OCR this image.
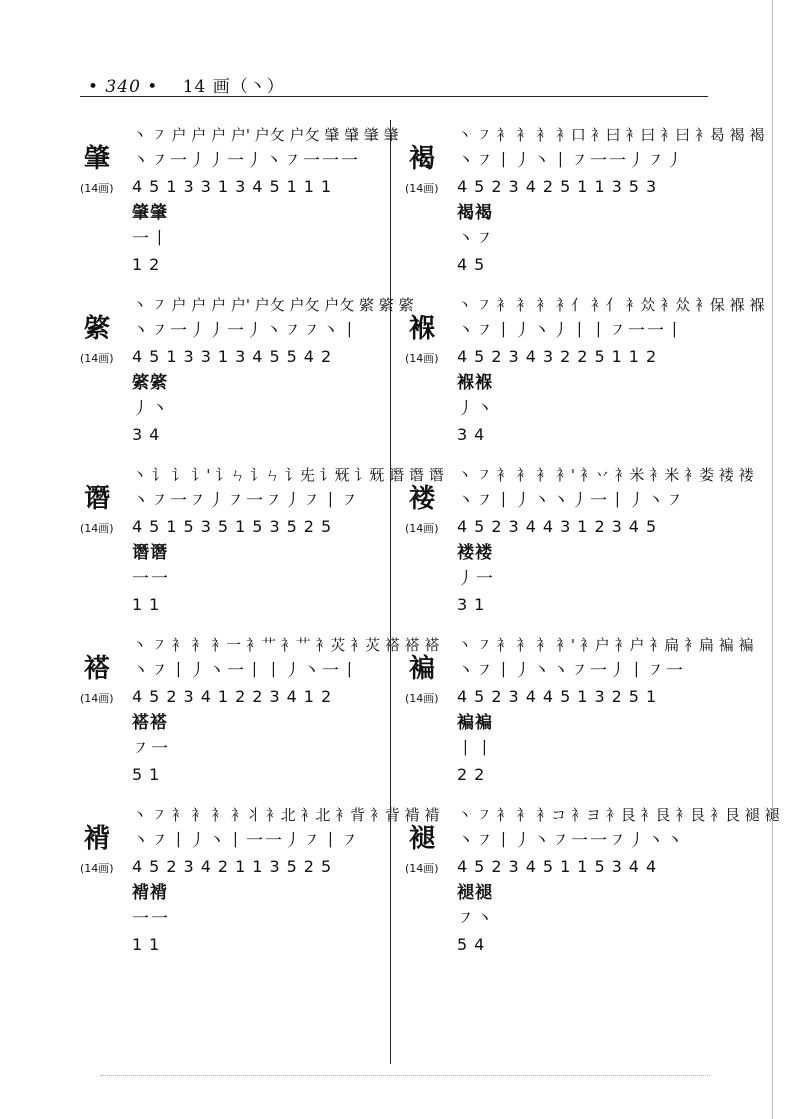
• 340 • 14 画（丶）
肇
(14画)
丶 ㇇ 户 户 户 户' 户攵 户攵 肈 肈 肇 肇
丶㇇一丿丿一丿丶㇇一一一
451331345111
肇肇
一丨
12
綮
(14画)
丶 ㇇ 户 户 户 户' 户攵 户攵 户攵 綮 綮 綮
丶㇇一丿丿一丿丶㇇㇇丶丨
451331345542
綮綮
丿丶
34
谮
(14画)
丶 讠 讠 讠' 讠ㄣ 讠ㄣ 讠兂 讠兓 讠兓 谮 谮 谮
丶㇇一㇇丿㇇一㇇丿㇇丨㇇
451535153525
谮谮
一一
11
褡
(14画)
丶 ㇇ 衤 衤 衤一 衤艹 衤艹 衤苂 衤苂 褡 褡 褡
丶㇇丨丿丶一丨丨丿丶一丨
452341223412
褡褡
㇇一
51
褙
(14画)
丶 ㇇ 衤 衤 衤 衤丬 衤北 衤北 衤背 衤背 褙 褙
丶㇇丨丿丶丨一一丿㇇丨㇇
452342113525
褙褙
一一
11
褐
(14画)
丶 ㇇ 衤 衤 衤 衤口 衤曰 衤曰 衤曰 衤曷 褐 褐
丶㇇丨丿丶丨㇇一一丿㇇丿
452342511353
褐褐
丶㇇
45
褓
(14画)
丶 ㇇ 衤 衤 衤 衤亻 衤亻 衤𠈌 衤𠈌 衤保 褓 褓
丶㇇丨丿丶丿丨丨㇇一一丨
452343225112
褓褓
丿丶
34
褛
(14画)
丶 ㇇ 衤 衤 衤 衤' 衤丷 衤米 衤米 衤娄 褛 褛
丶㇇丨丿丶丶丿一丨丿丶㇇
452344312345
褛褛
丿一
31
褊
(14画)
丶 ㇇ 衤 衤 衤 衤' 衤户 衤户 衤扁 衤扁 褊 褊
丶㇇丨丿丶丶㇇一丿丨㇇一
452344513251
褊褊
丨丨
22
褪
(14画)
丶 ㇇ 衤 衤 衤コ 衤ヨ 衤艮 衤艮 衤艮 衤艮 褪 褪
丶㇇丨丿丶㇇一一㇇丿丶丶
452345115344
褪褪
㇇丶
54
